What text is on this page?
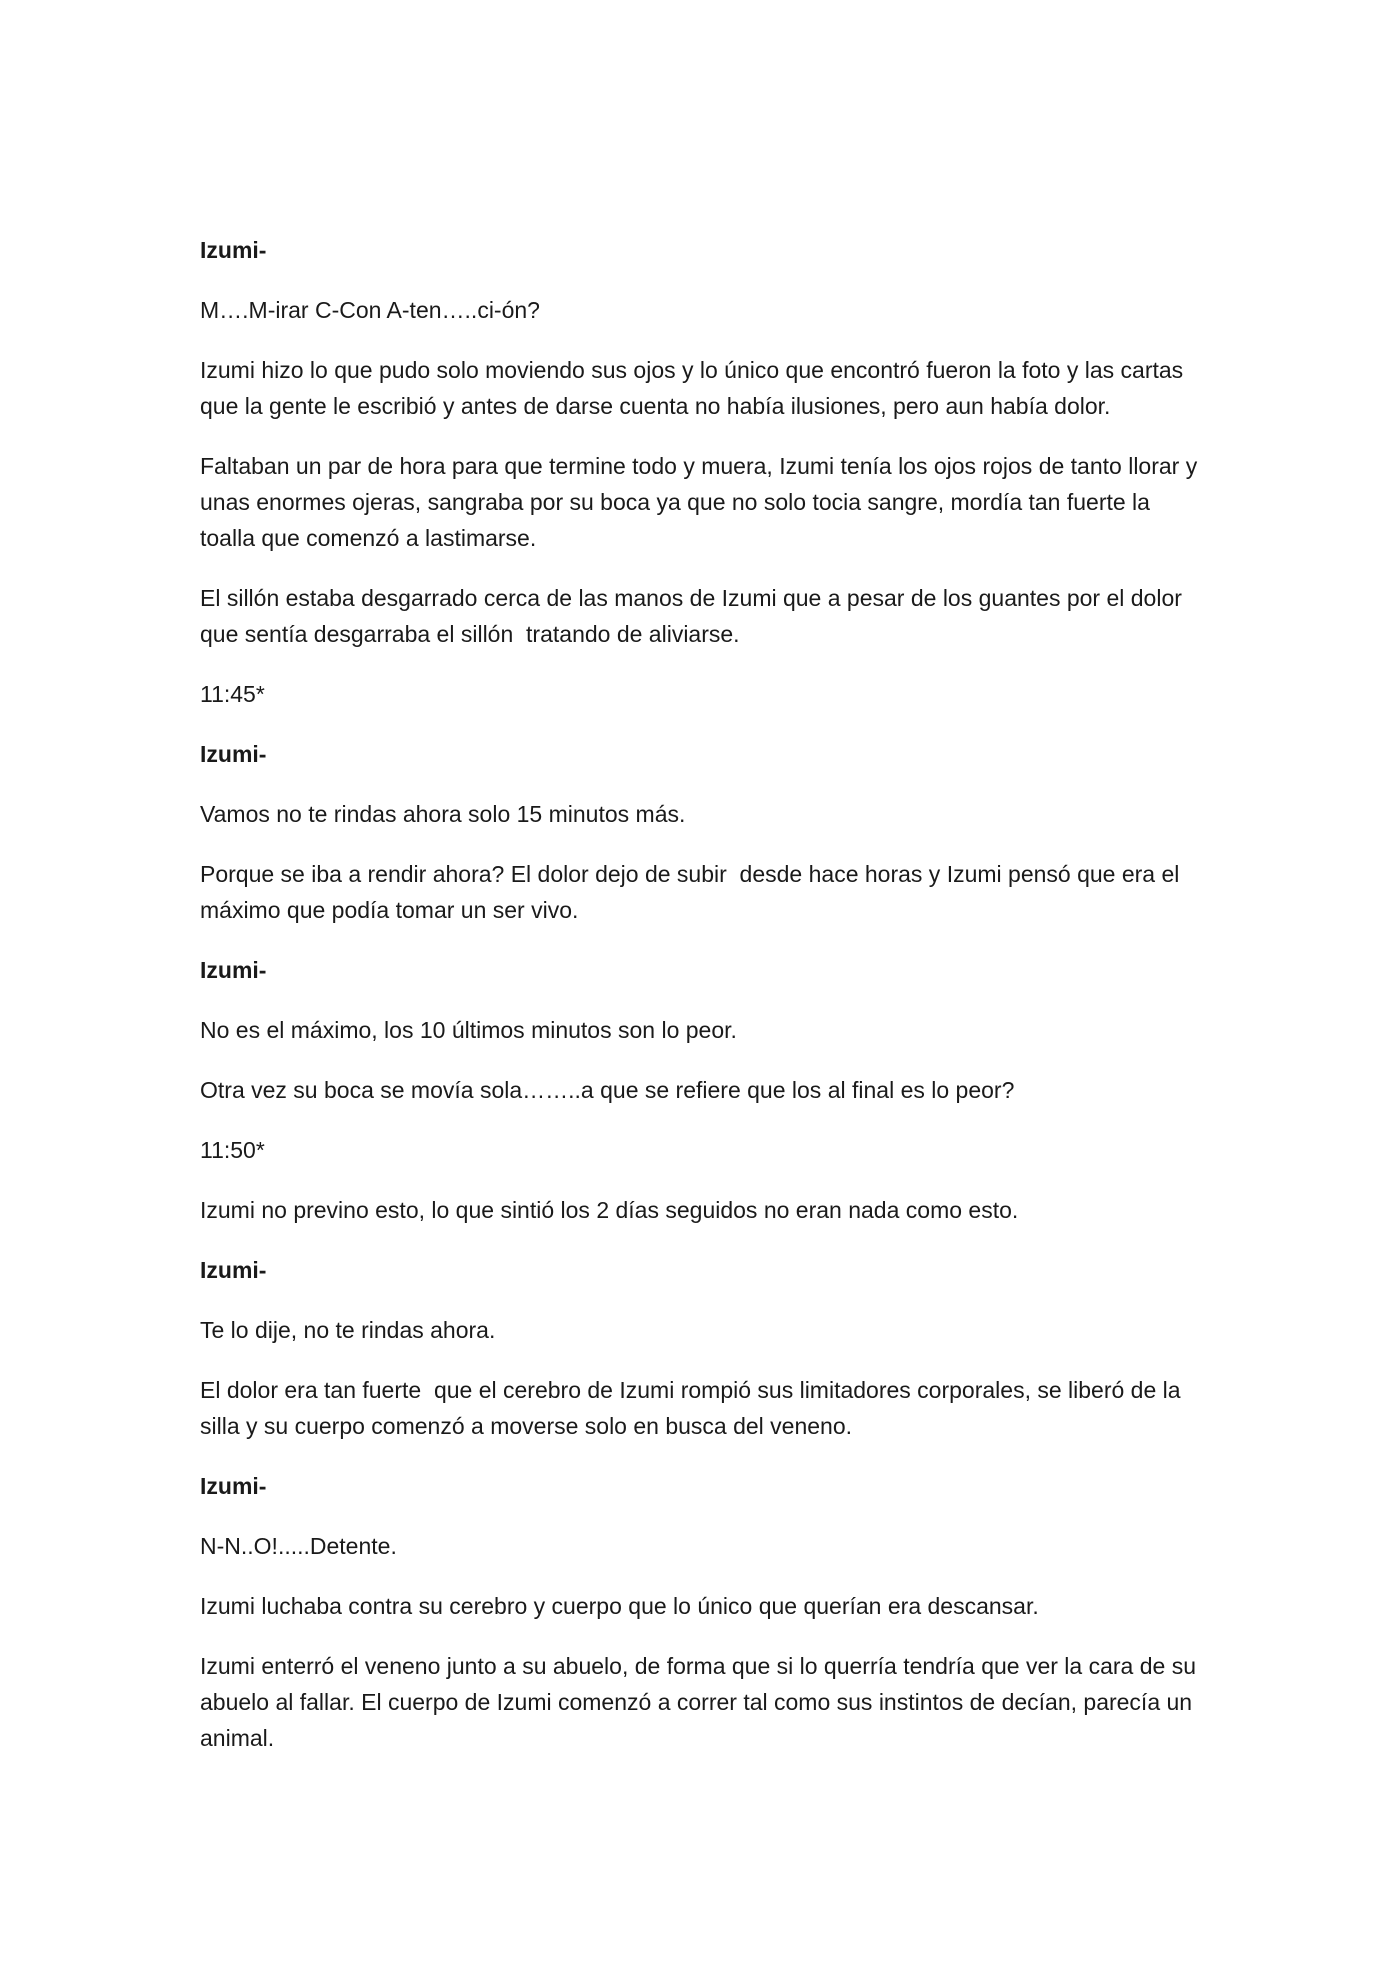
Izumi-

M….M-irar C-Con A-ten…..ci-ón?

Izumi hizo lo que pudo solo moviendo sus ojos y lo único que encontró fueron la foto y las cartas que la gente le escribió y antes de darse cuenta no había ilusiones, pero aun había dolor.

Faltaban un par de hora para que termine todo y muera, Izumi tenía los ojos rojos de tanto llorar y unas enormes ojeras, sangraba por su boca ya que no solo tocia sangre, mordía tan fuerte la toalla que comenzó a lastimarse.

El sillón estaba desgarrado cerca de las manos de Izumi que a pesar de los guantes por el dolor que sentía desgarraba el sillón  tratando de aliviarse.

11:45*

Izumi-

Vamos no te rindas ahora solo 15 minutos más.

Porque se iba a rendir ahora? El dolor dejo de subir  desde hace horas y Izumi pensó que era el máximo que podía tomar un ser vivo.

Izumi-

No es el máximo, los 10 últimos minutos son lo peor.

Otra vez su boca se movía sola……..a que se refiere que los al final es lo peor?

11:50*

Izumi no previno esto, lo que sintió los 2 días seguidos no eran nada como esto.

Izumi-

Te lo dije, no te rindas ahora.

El dolor era tan fuerte  que el cerebro de Izumi rompió sus limitadores corporales, se liberó de la silla y su cuerpo comenzó a moverse solo en busca del veneno.

Izumi-

N-N..O!.....Detente.

Izumi luchaba contra su cerebro y cuerpo que lo único que querían era descansar.

Izumi enterró el veneno junto a su abuelo, de forma que si lo querría tendría que ver la cara de su abuelo al fallar. El cuerpo de Izumi comenzó a correr tal como sus instintos de decían, parecía un animal.
